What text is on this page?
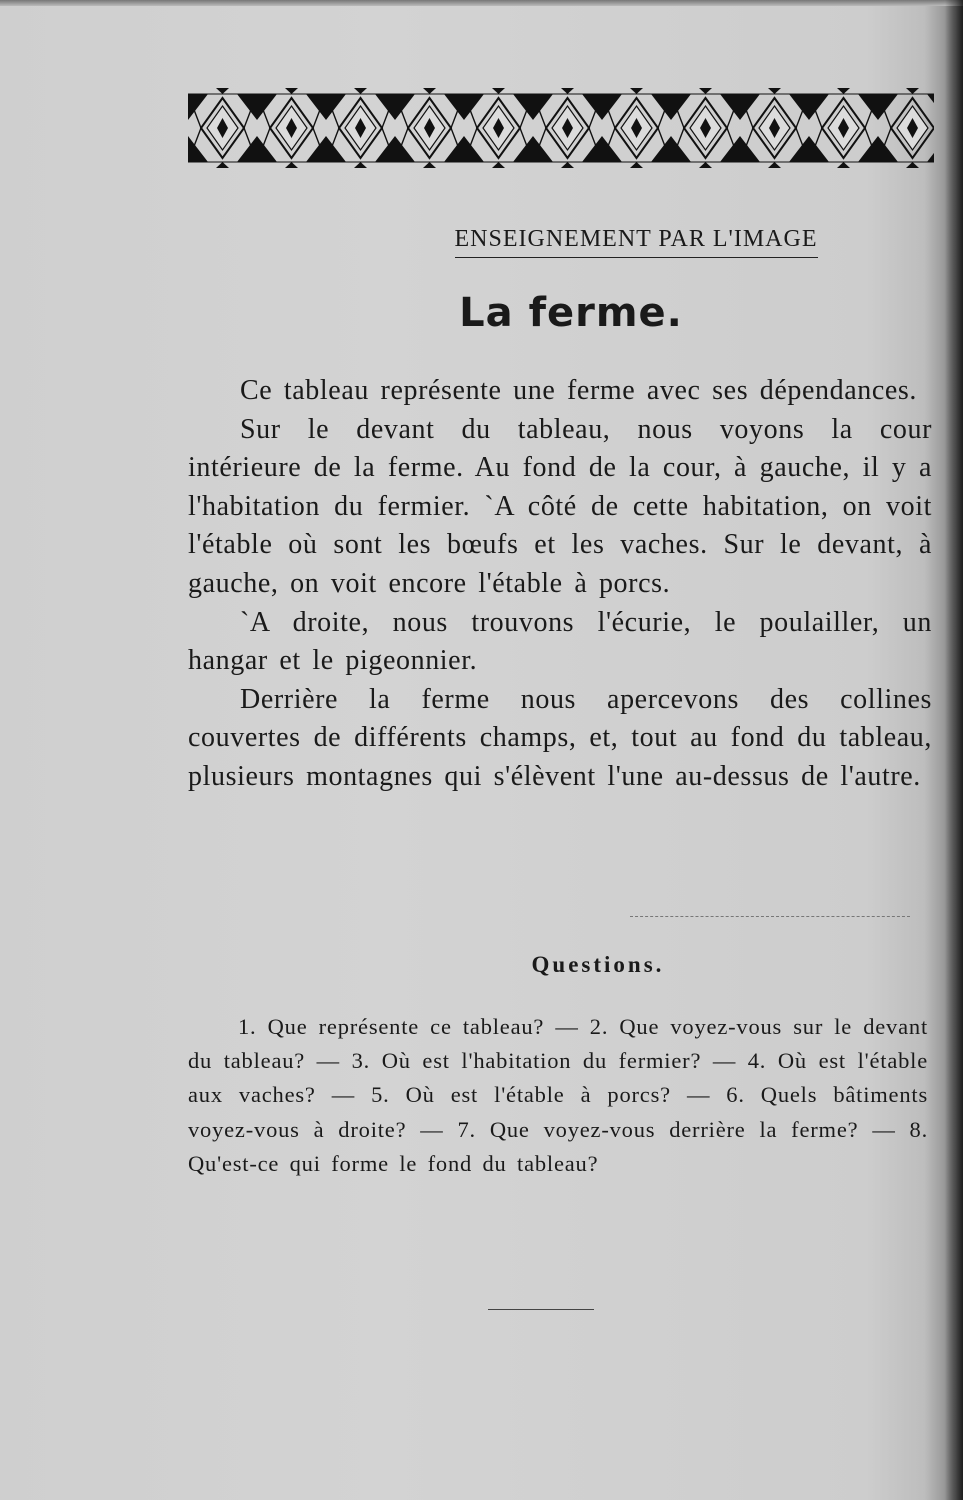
ENSEIGNEMENT PAR L'IMAGE
La ferme.

Ce tableau représente une ferme avec ses dépendances.

Sur le devant du tableau, nous voyons la cour intérieure de la ferme. Au fond de la cour, à gauche, il y a l'habitation du fermier. `A côté de cette habitation, on voit l'étable où sont les bœufs et les vaches. Sur le devant, à gauche, on voit encore l'étable à porcs.

`A droite, nous trouvons l'écurie, le poulailler, un hangar et le pigeonnier.

Derrière la ferme nous apercevons des collines couvertes de différents champs, et, tout au fond du tableau, plusieurs montagnes qui s'élèvent l'une au-dessus de l'autre.

Questions.

1. Que représente ce tableau? — 2. Que voyez-vous sur le devant du tableau? — 3. Où est l'habitation du fermier? — 4. Où est l'étable aux vaches? — 5. Où est l'étable à porcs? — 6. Quels bâtiments voyez-vous à droite? — 7. Que voyez-vous derrière la ferme? — 8. Qu'est-ce qui forme le fond du tableau?
